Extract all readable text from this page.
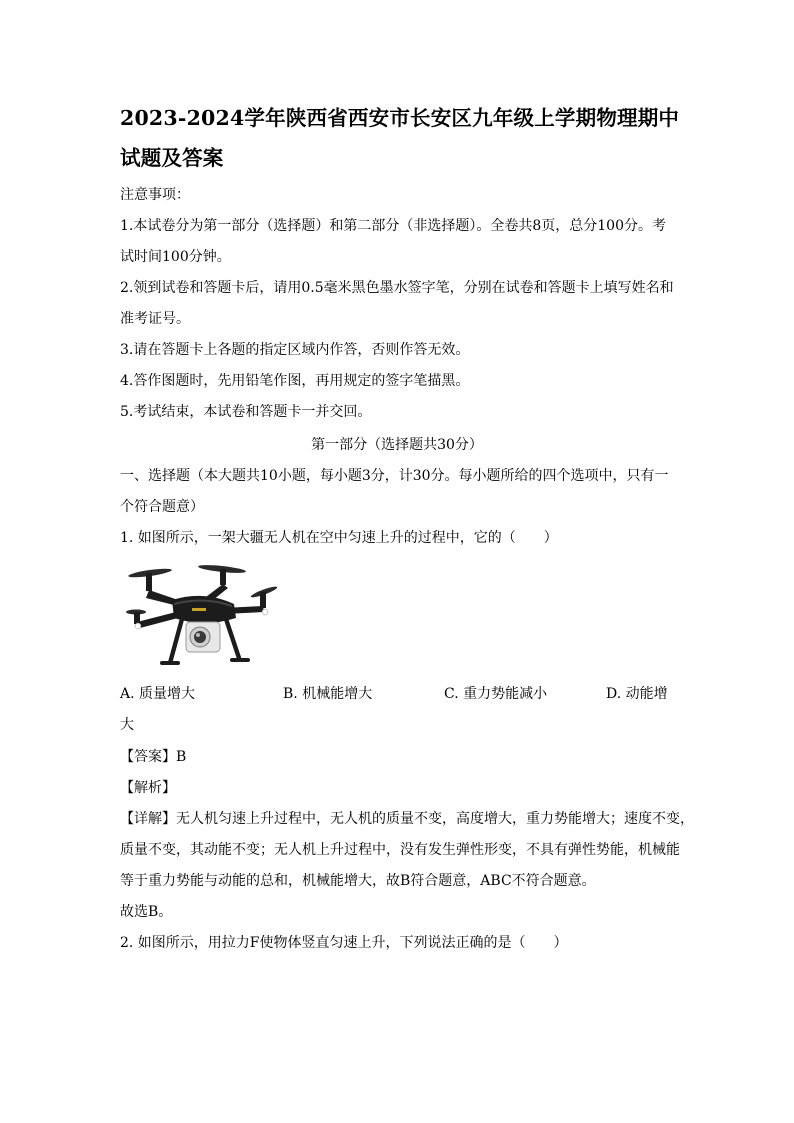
2023-2024学年陕西省西安市长安区九年级上学期物理期中
试题及答案
注意事项：
1.本试卷分为第一部分（选择题）和第二部分（非选择题）。全卷共8页，总分100分。考
试时间100分钟。
2.领到试卷和答题卡后，请用0.5毫米黑色墨水签字笔，分别在试卷和答题卡上填写姓名和
准考证号。
3.请在答题卡上各题的指定区域内作答，否则作答无效。
4.答作图题时，先用铅笔作图，再用规定的签字笔描黑。
5.考试结束，本试卷和答题卡一并交回。
第一部分（选择题共30分）
一、选择题（本大题共10小题，每小题3分，计30分。每小题所给的四个选项中，只有一
个符合题意）
1. 如图所示，一架大疆无人机在空中匀速上升的过程中，它的（　　）
A. 质量增大	B. 机械能增大	C. 重力势能减小	D. 动能增
大
【答案】B
【解析】
【详解】无人机匀速上升过程中，无人机的质量不变，高度增大，重力势能增大；速度不变，
质量不变，其动能不变；无人机上升过程中，没有发生弹性形变，不具有弹性势能，机械能
等于重力势能与动能的总和，机械能增大，故B符合题意，ABC不符合题意。
故选B。
2. 如图所示，用拉力F使物体竖直匀速上升，下列说法正确的是（　　）
